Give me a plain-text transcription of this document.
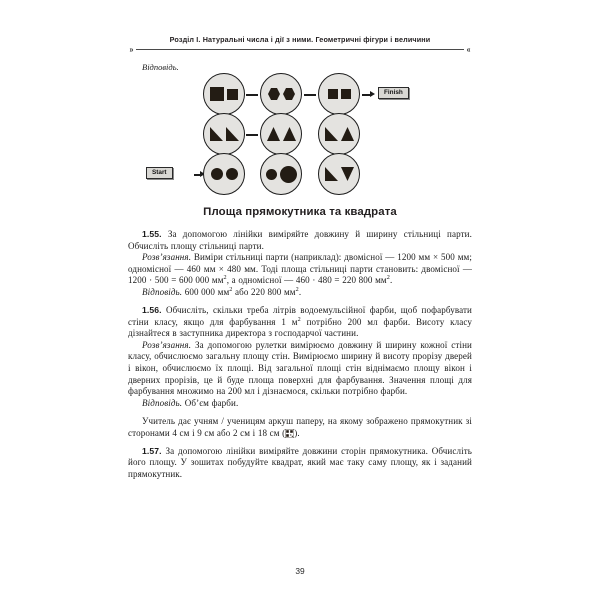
Розділ І. Натуральні числа і дії з ними. Геометричні фігури і величини
»	«
Відповідь.
Start
Finish
Площа прямокутника та квадрата

1.55. За допомогою лінійки виміряйте довжину й ширину стільниці парти. Обчисліть площу стільниці парти.

Розв’язання. Виміри стільниці парти (наприклад): двомісної — 1200 мм × 500 мм; одномісної — 460 мм × 480 мм. Тоді площа стільниці парти становить: двомісної — 1200 · 500 = 600 000 $мм^2$, а одномісної — 460 · 480 = 220 800 $мм^2$.

Відповідь. 600 000 $мм^2$ або 220 800 $мм^2$.

1.56. Обчисліть, скільки треба літрів водоемульсійної фарби, щоб пофарбувати стіни класу, якщо для фарбування 1 $м^2$ потрібно 200 мл фарби. Висоту класу дізнайтеся в заступника директора з господарчої частини.

Розв’язання. За допомогою рулетки вимірюємо довжину й ширину кожної стіни класу, обчислюємо загальну площу стін. Вимірюємо ширину й висоту прорізу дверей і вікон, обчислюємо їх площі. Від загальної площі стін віднімаємо площу вікон і дверних прорізів, це й буде площа поверхні для фарбування. Значення площі для фарбування множимо на 200 мл і дізнаємося, скільки потрібно фарби.

Відповідь. Об’єм фарби.

Учитель дає учням / ученицям аркуш паперу, на якому зображено прямокутник зі сторонами 4 см і 9 см або 2 см і 18 см ( ).

1.57. За допомогою лінійки виміряйте довжини сторін прямокутника. Обчисліть його площу. У зошитах побудуйте квадрат, який має таку саму площу, як і заданий прямокутник.

39
